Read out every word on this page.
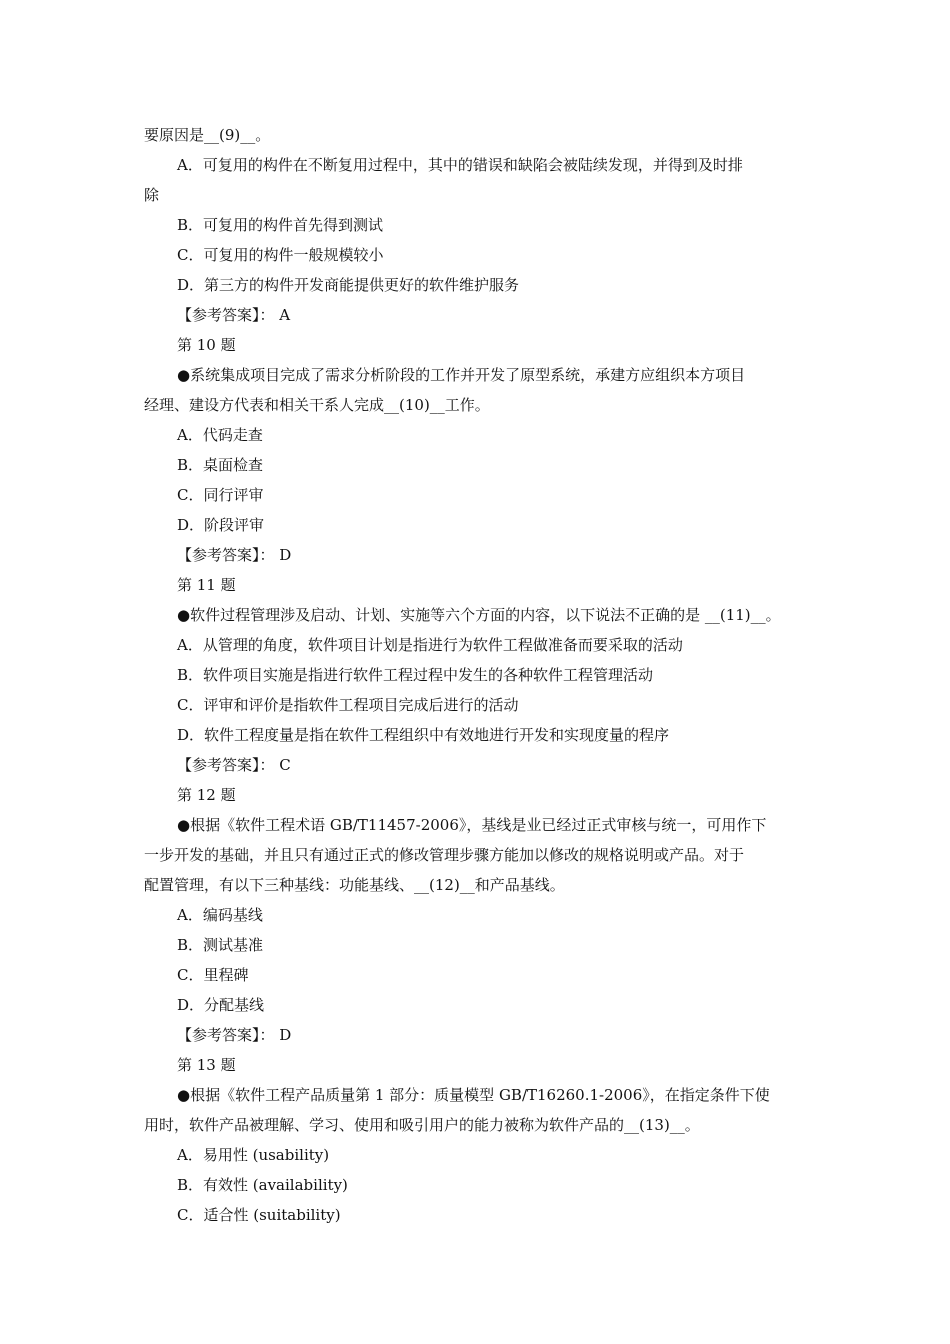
要原因是__(9)__。
A．可复用的构件在不断复用过程中，其中的错误和缺陷会被陆续发现，并得到及时排
除
B．可复用的构件首先得到测试
C．可复用的构件一般规模较小
D．第三方的构件开发商能提供更好的软件维护服务
【参考答案】： A
第 10 题
●系统集成项目完成了需求分析阶段的工作并开发了原型系统，承建方应组织本方项目
经理、建设方代表和相关干系人完成__(10)__工作。
A．代码走查
B．桌面检查
C．同行评审
D．阶段评审
【参考答案】： D
第 11 题
●软件过程管理涉及启动、计划、实施等六个方面的内容，以下说法不正确的是 __(11)__。
A．从管理的角度，软件项目计划是指进行为软件工程做准备而要采取的活动
B．软件项目实施是指进行软件工程过程中发生的各种软件工程管理活动
C．评审和评价是指软件工程项目完成后进行的活动
D．软件工程度量是指在软件工程组织中有效地进行开发和实现度量的程序
【参考答案】： C
第 12 题
●根据《软件工程术语 GB/T11457-2006》，基线是业已经过正式审核与统一，可用作下
一步开发的基础，并且只有通过正式的修改管理步骤方能加以修改的规格说明或产品。对于
配置管理，有以下三种基线：功能基线、__(12)__和产品基线。
A．编码基线
B．测试基准
C．里程碑
D．分配基线
【参考答案】： D
第 13 题
●根据《软件工程产品质量第 1 部分：质量模型 GB/T16260.1-2006》，在指定条件下使
用时，软件产品被理解、学习、使用和吸引用户的能力被称为软件产品的__(13)__。
A．易用性 (usability)
B．有效性 (availability)
C．适合性 (suitability)
